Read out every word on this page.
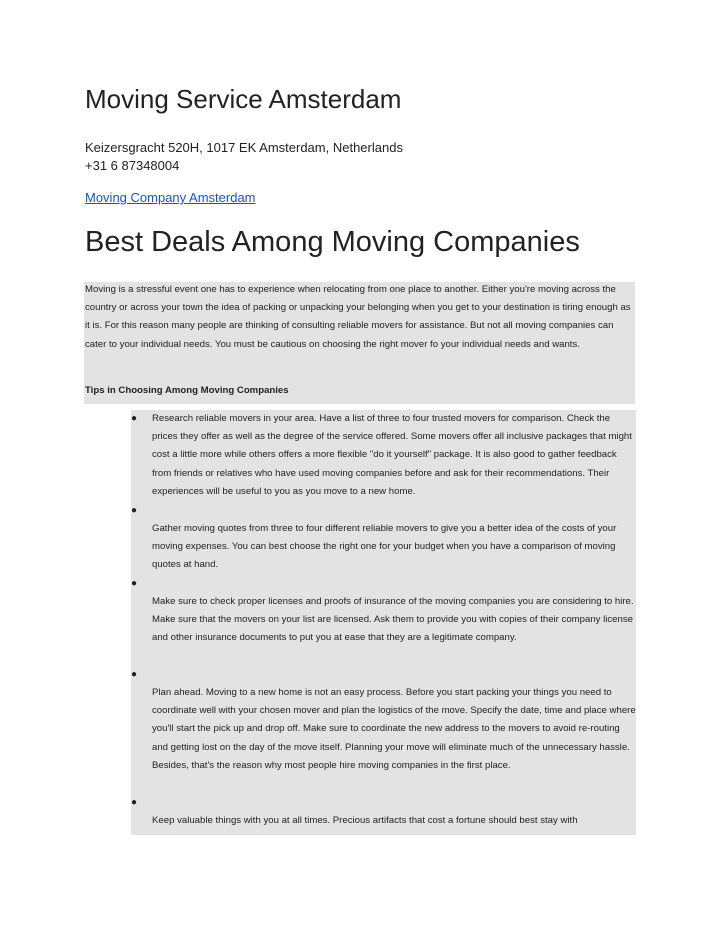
Moving Service Amsterdam
Keizersgracht 520H, 1017 EK Amsterdam, Netherlands
+31 6 87348004
Moving Company Amsterdam
Best Deals Among Moving Companies

Moving is a stressful event one has to experience when relocating from one place to another. Either you're moving across the country or across your town the idea of packing or unpacking your belonging when you get to your destination is tiring enough as it is. For this reason many people are thinking of consulting reliable movers for assistance. But not all moving companies can cater to your individual needs. You must be cautious on choosing the right mover fo your individual needs and wants.

Tips in Choosing Among Moving Companies

● Research reliable movers in your area. Have a list of three to four trusted movers for comparison. Check the prices they offer as well as the degree of the service offered. Some movers offer all inclusive packages that might cost a little more while others offers a more flexible "do it yourself" package. It is also good to gather feedback from friends or relatives who have used moving companies before and ask for their recommendations. Their experiences will be useful to you as you move to a new home.

●

Gather moving quotes from three to four different reliable movers to give you a better idea of the costs of your moving expenses. You can best choose the right one for your budget when you have a comparison of moving quotes at hand.

●

Make sure to check proper licenses and proofs of insurance of the moving companies you are considering to hire. Make sure that the movers on your list are licensed. Ask them to provide you with copies of their company license and other insurance documents to put you at ease that they are a legitimate company.

●

Plan ahead. Moving to a new home is not an easy process. Before you start packing your things you need to coordinate well with your chosen mover and plan the logistics of the move. Specify the date, time and place where you'll start the pick up and drop off. Make sure to coordinate the new address to the movers to avoid re-routing and getting lost on the day of the move itself. Planning your move will eliminate much of the unnecessary hassle. Besides, that's the reason why most people hire moving companies in the first place.

●

Keep valuable things with you at all times. Precious artifacts that cost a fortune should best stay with
